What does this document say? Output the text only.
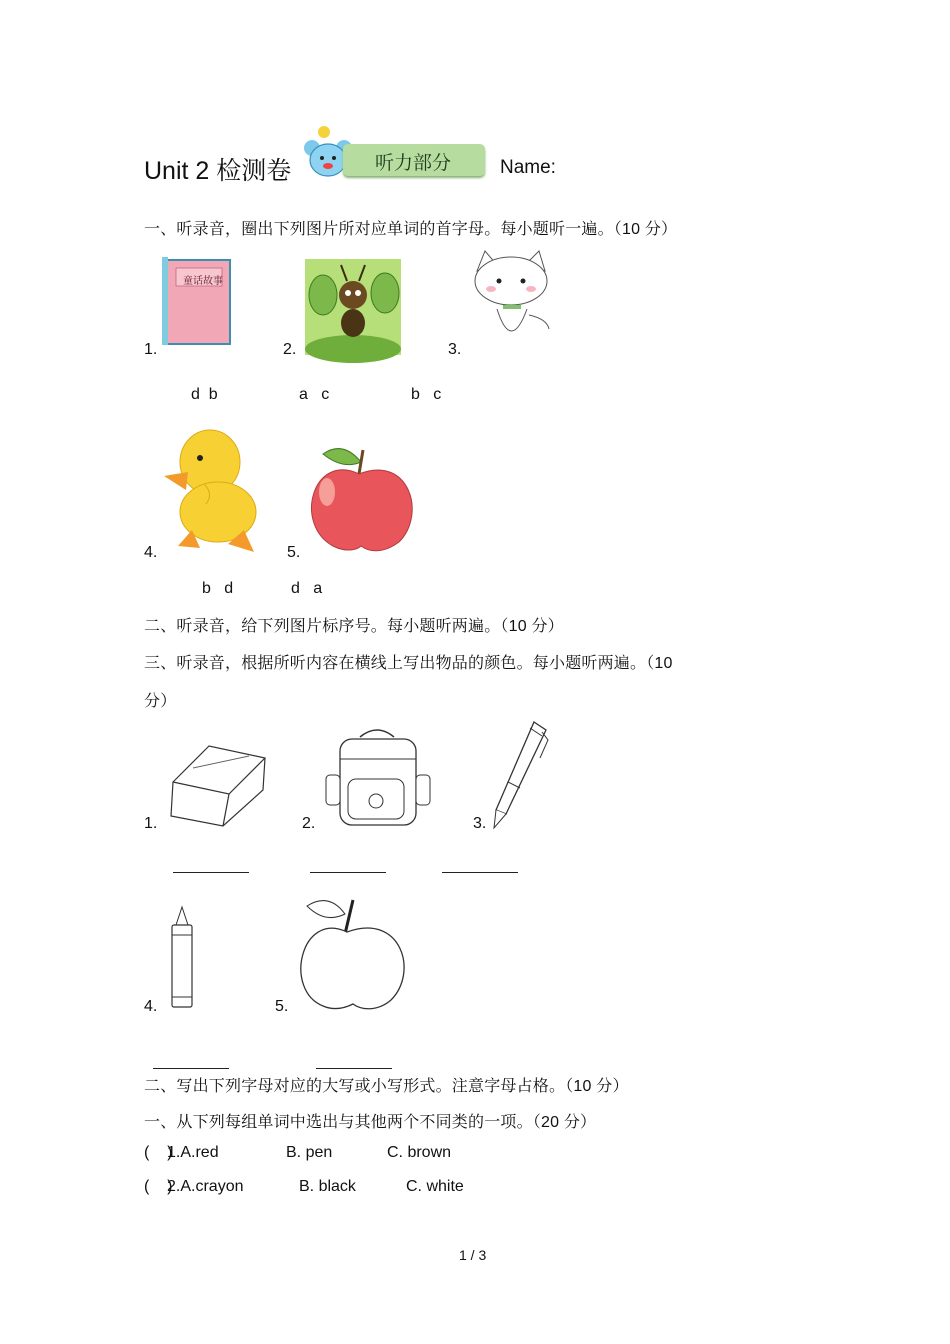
Unit 2 检测卷	听力部分	Name:
一、听录音，圈出下列图片所对应单词的首字母。每小题听一遍。（10 分）
1.
童话故事
2.	3.
d  b	a   c	b   c
4.	5.
b   d	d   a
二、听录音，给下列图片标序号。每小题听两遍。（10 分）
三、听录音，根据所听内容在横线上写出物品的颜色。每小题听两遍。（10
分）
1.	2.	3.
4.	5.
二、写出下列字母对应的大写或小写形式。注意字母占格。（10 分）
一、从下列每组单词中选出与其他两个不同类的一项。（20 分）
(    )
1.A.red	B. pen	C. brown
(    )
2.A.crayon	B. black	C. white
1 / 3
